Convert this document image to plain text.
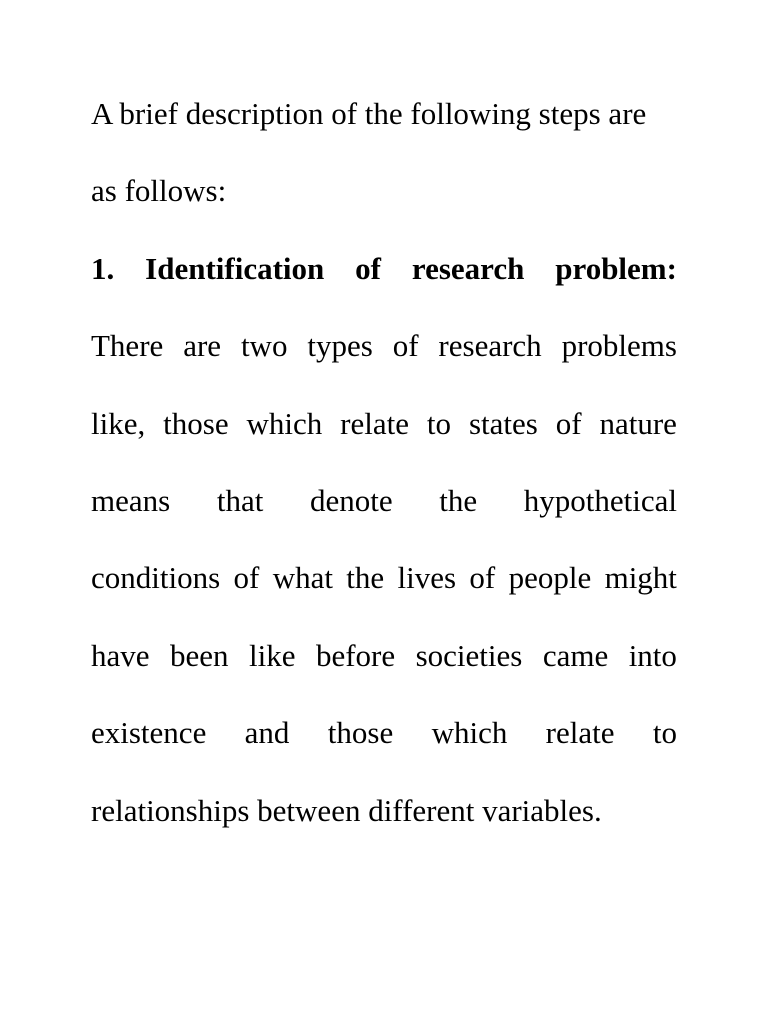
A brief description of the following steps are
as follows:
1. Identification of research problem:
There are two types of research problems
like, those which relate to states of nature
means that denote the hypothetical
conditions of what the lives of people might
have been like before societies came into
existence and those which relate to
relationships between different variables.
